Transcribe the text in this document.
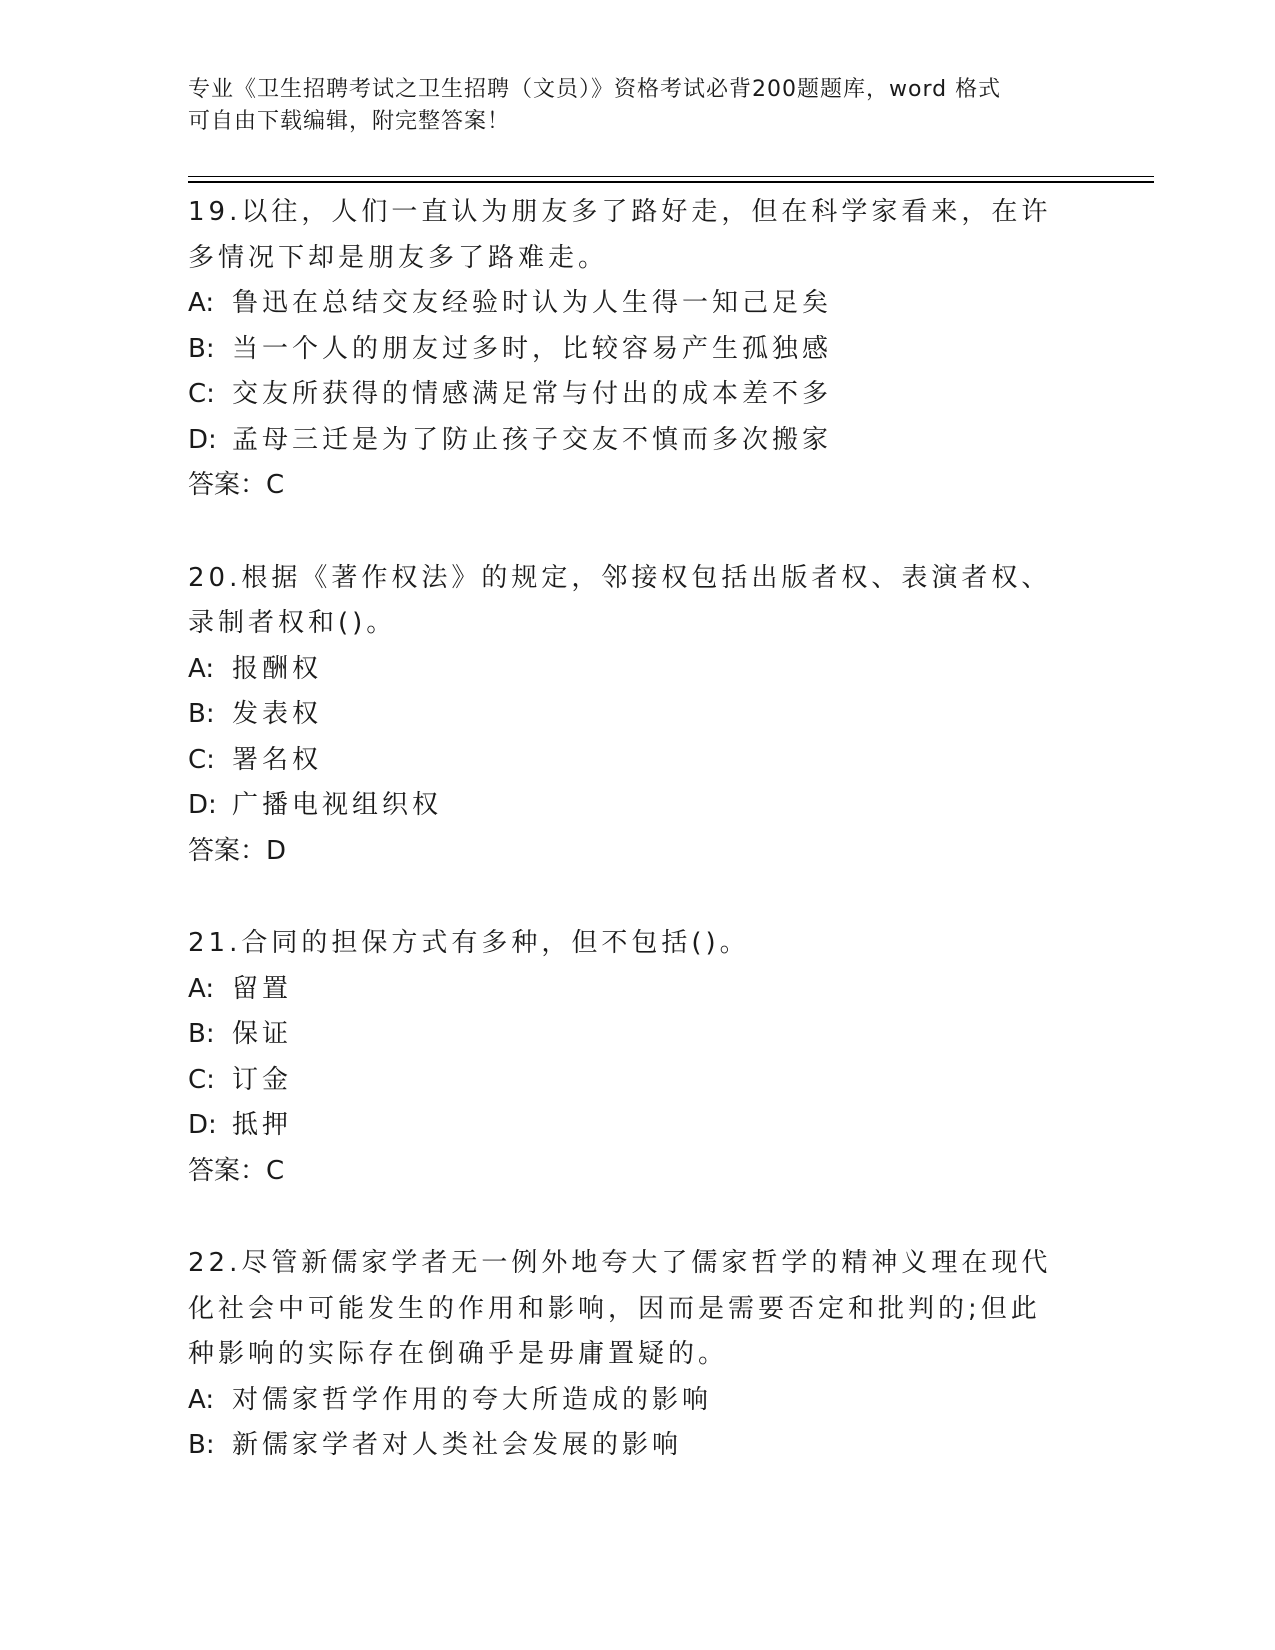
专业《卫生招聘考试之卫生招聘（文员）》资格考试必背200题题库，word 格式
可自由下载编辑，附完整答案！
19.以往，人们一直认为朋友多了路好走，但在科学家看来，在许多情况下却是朋友多了路难走。
A: 鲁迅在总结交友经验时认为人生得一知己足矣
B: 当一个人的朋友过多时，比较容易产生孤独感
C: 交友所获得的情感满足常与付出的成本差不多
D: 孟母三迁是为了防止孩子交友不慎而多次搬家
答案：C
20.根据《著作权法》的规定，邻接权包括出版者权、表演者权、录制者权和()。
A: 报酬权
B: 发表权
C: 署名权
D: 广播电视组织权
答案：D
21.合同的担保方式有多种，但不包括()。
A: 留置
B: 保证
C: 订金
D: 抵押
答案：C
22.尽管新儒家学者无一例外地夸大了儒家哲学的精神义理在现代化社会中可能发生的作用和影响，因而是需要否定和批判的;但此种影响的实际存在倒确乎是毋庸置疑的。
A: 对儒家哲学作用的夸大所造成的影响
B: 新儒家学者对人类社会发展的影响
